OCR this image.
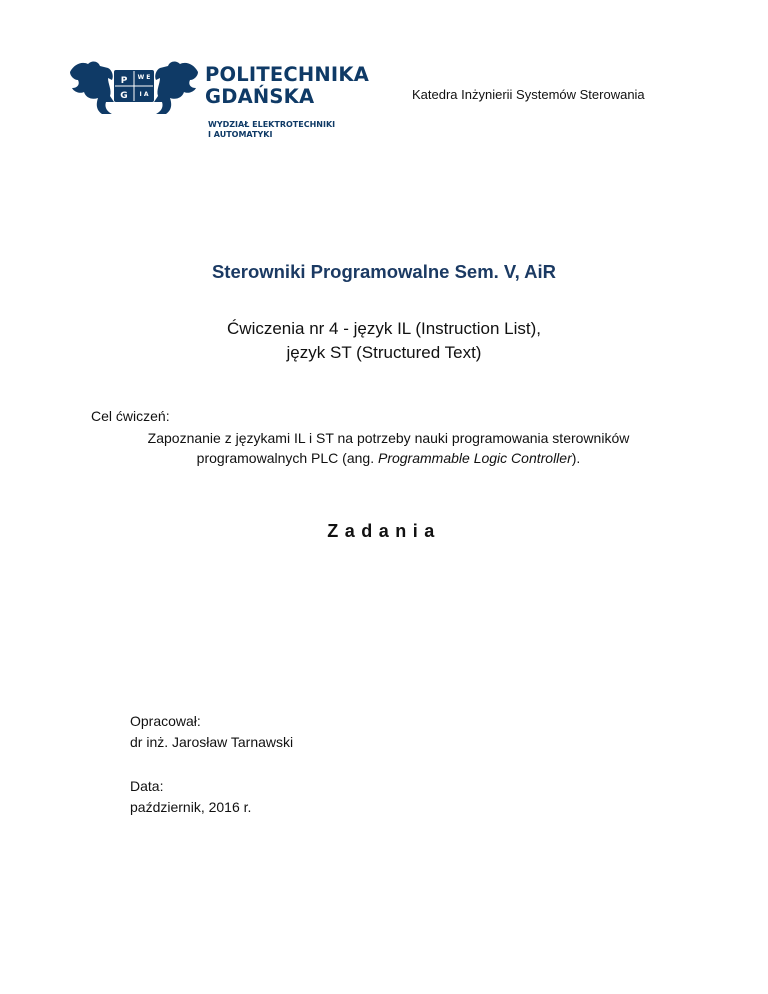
P
G
W E
I A
POLITECHNIKA
GDAŃSKA
WYDZIAŁ ELEKTROTECHNIKI
I AUTOMATYKI
Katedra Inżynierii Systemów Sterowania
Sterowniki Programowalne Sem. V, AiR
Ćwiczenia nr 4 - język IL (Instruction List),
język ST (Structured Text)
Cel ćwiczeń:
Zapoznanie z językami IL i ST na potrzeby nauki programowania sterowników
programowalnych PLC (ang. Programmable Logic Controller).
Zadania
Opracował:
dr inż. Jarosław Tarnawski
Data:
październik, 2016 r.
